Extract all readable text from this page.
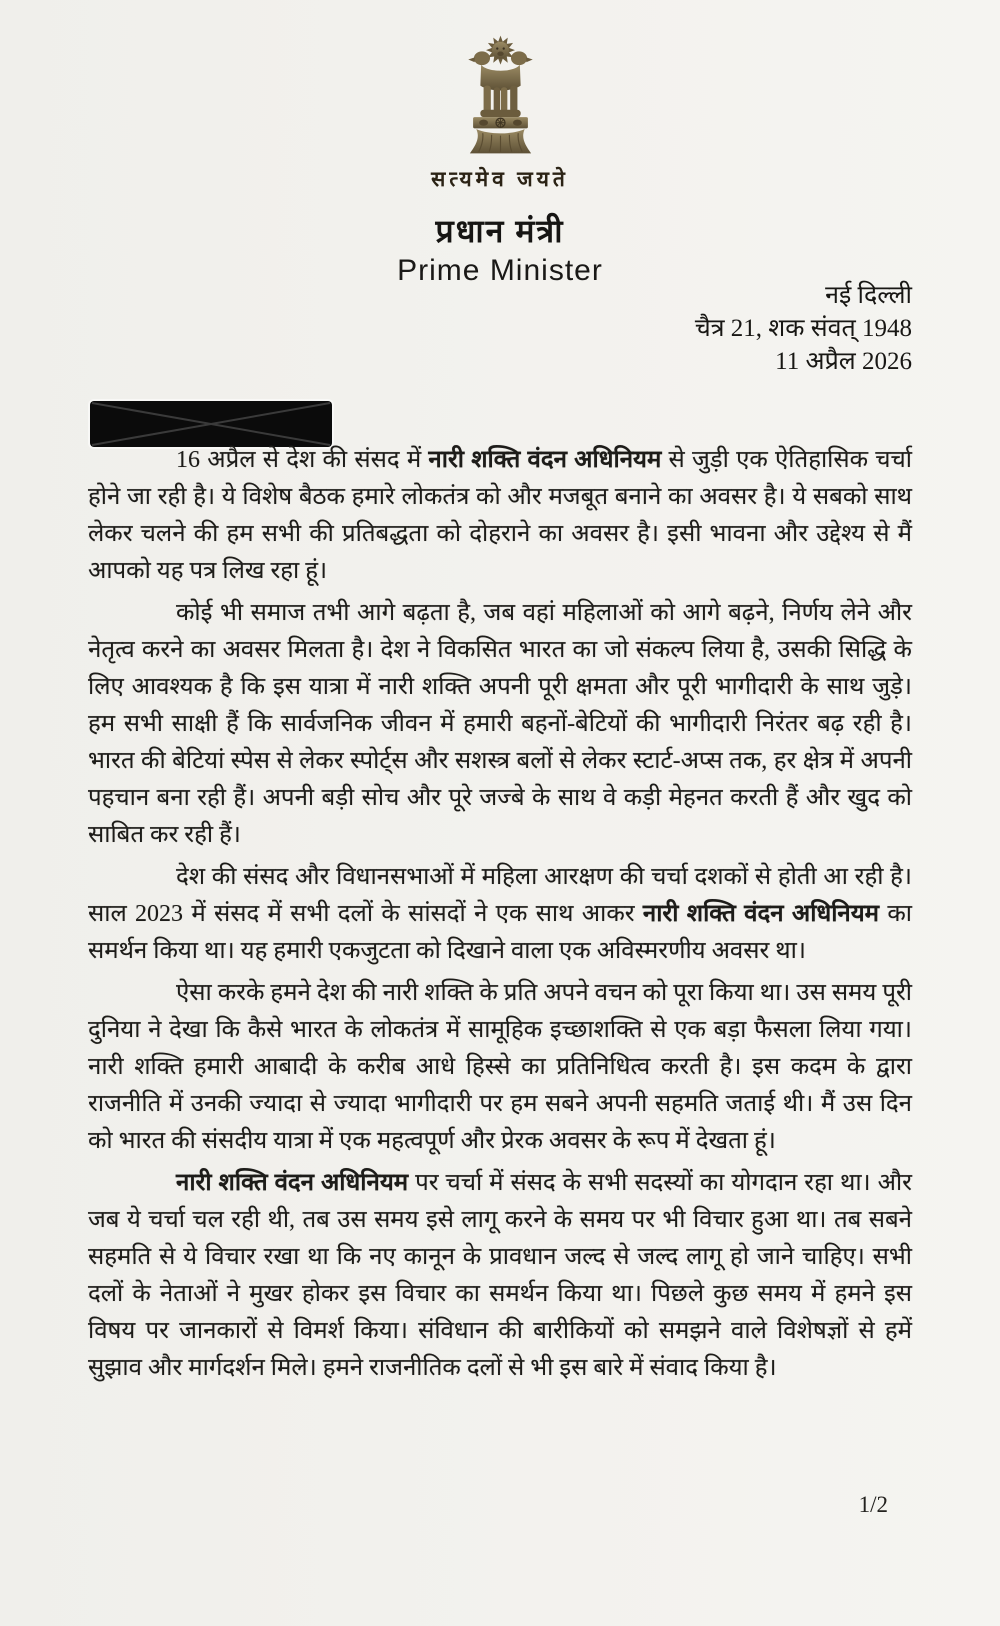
सत्यमेव जयते
प्रधान मंत्री
Prime Minister
नई दिल्ली
चैत्र 21, शक संवत् 1948
11 अप्रैल 2026

16 अप्रैल से देश की संसद में नारी शक्ति वंदन अधिनियम से जुड़ी एक ऐतिहासिक चर्चा होने जा रही है। ये विशेष बैठक हमारे लोकतंत्र को और मजबूत बनाने का अवसर है। ये सबको साथ लेकर चलने की हम सभी की प्रतिबद्धता को दोहराने का अवसर है। इसी भावना और उद्देश्य से मैं आपको यह पत्र लिख रहा हूं।

कोई भी समाज तभी आगे बढ़ता है, जब वहां महिलाओं को आगे बढ़ने, निर्णय लेने और नेतृत्व करने का अवसर मिलता है। देश ने विकसित भारत का जो संकल्प लिया है, उसकी सिद्धि के लिए आवश्यक है कि इस यात्रा में नारी शक्ति अपनी पूरी क्षमता और पूरी भागीदारी के साथ जुड़े। हम सभी साक्षी हैं कि सार्वजनिक जीवन में हमारी बहनों-बेटियों की भागीदारी निरंतर बढ़ रही है। भारत की बेटियां स्पेस से लेकर स्पोर्ट्स और सशस्त्र बलों से लेकर स्टार्ट-अप्स तक, हर क्षेत्र में अपनी पहचान बना रही हैं। अपनी बड़ी सोच और पूरे जज्बे के साथ वे कड़ी मेहनत करती हैं और खुद को साबित कर रही हैं।

देश की संसद और विधानसभाओं में महिला आरक्षण की चर्चा दशकों से होती आ रही है। साल 2023 में संसद में सभी दलों के सांसदों ने एक साथ आकर नारी शक्ति वंदन अधिनियम का समर्थन किया था। यह हमारी एकजुटता को दिखाने वाला एक अविस्मरणीय अवसर था।

ऐसा करके हमने देश की नारी शक्ति के प्रति अपने वचन को पूरा किया था। उस समय पूरी दुनिया ने देखा कि कैसे भारत के लोकतंत्र में सामूहिक इच्छाशक्ति से एक बड़ा फैसला लिया गया। नारी शक्ति हमारी आबादी के करीब आधे हिस्से का प्रतिनिधित्व करती है। इस कदम के द्वारा राजनीति में उनकी ज्यादा से ज्यादा भागीदारी पर हम सबने अपनी सहमति जताई थी। मैं उस दिन को भारत की संसदीय यात्रा में एक महत्वपूर्ण और प्रेरक अवसर के रूप में देखता हूं।

नारी शक्ति वंदन अधिनियम पर चर्चा में संसद के सभी सदस्यों का योगदान रहा था। और जब ये चर्चा चल रही थी, तब उस समय इसे लागू करने के समय पर भी विचार हुआ था। तब सबने सहमति से ये विचार रखा था कि नए कानून के प्रावधान जल्द से जल्द लागू हो जाने चाहिए। सभी दलों के नेताओं ने मुखर होकर इस विचार का समर्थन किया था। पिछले कुछ समय में हमने इस विषय पर जानकारों से विमर्श किया। संविधान की बारीकियों को समझने वाले विशेषज्ञों से हमें सुझाव और मार्गदर्शन मिले। हमने राजनीतिक दलों से भी इस बारे में संवाद किया है।

1/2
